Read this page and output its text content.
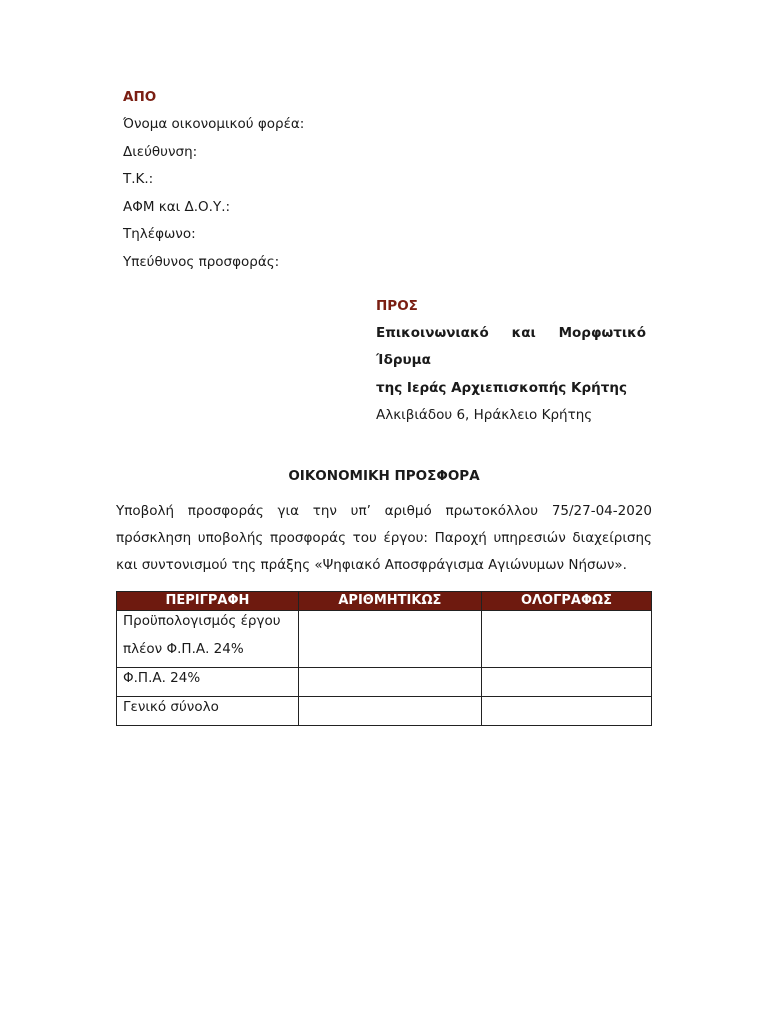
ΑΠΟ
Όνομα οικονομικού φορέα:
Διεύθυνση:
Τ.Κ.:
ΑΦΜ και Δ.Ο.Υ.:
Τηλέφωνο:
Υπεύθυνος προσφοράς:
ΠΡΟΣ
Επικοινωνιακό και Μορφωτικό
Ίδρυμα
της Ιεράς Αρχιεπισκοπής Κρήτης
Αλκιβιάδου 6, Ηράκλειο Κρήτης
ΟΙΚΟΝΟΜΙΚΗ ΠΡΟΣΦΟΡΑ
Υποβολή προσφοράς για την υπ’ αριθμό πρωτοκόλλου 75/27-04-2020
πρόσκληση υποβολής προσφοράς του έργου: Παροχή υπηρεσιών διαχείρισης
και συντονισμού της πράξης «Ψηφιακό Αποσφράγισμα Αγιώνυμων Νήσων».
ΠΕΡΙΓΡΑΦΗ	ΑΡΙΘΜΗΤΙΚΩΣ	ΟΛΟΓΡΑΦΩΣ

Προϋπολογισμός έργου
πλέον Φ.Π.Α. 24%		

Φ.Π.Α. 24%		

Γενικό σύνολο		
